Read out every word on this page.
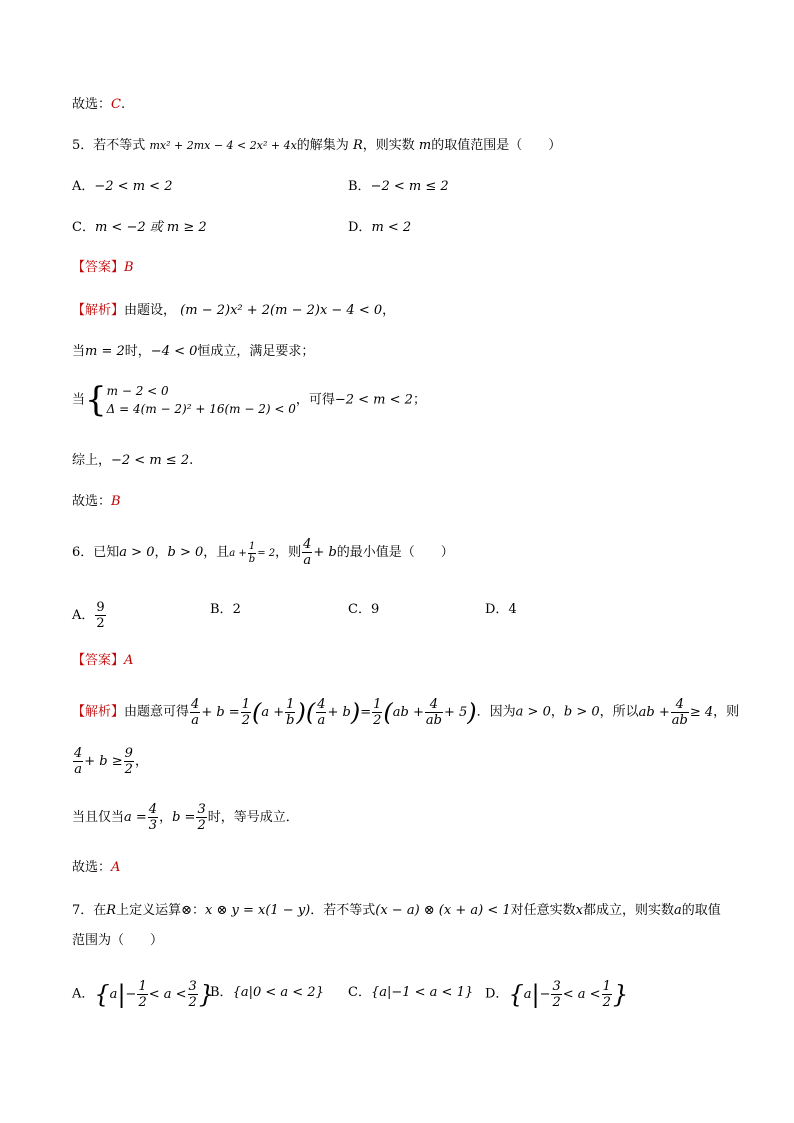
故选：C.
5．若不等式 mx² + 2mx − 4 < 2x² + 4x的解集为 R，则实数 m的取值范围是（　　）
A．−2 < m < 2	B．−2 < m ≤ 2
C．m < −2 或 m ≥ 2	D．m < 2
【答案】B
【解析】由题设， (m − 2)x² + 2(m − 2)x − 4 < 0，
当m = 2时，−4 < 0恒成立，满足要求；
当{ m − 2 < 0
Δ = 4(m − 2)² + 16(m − 2) < 0
，可得−2 < m < 2；
综上，−2 < m ≤ 2.
故选：B
6．已知a > 0，b > 0，且$a + \frac{1}{b} = 2$，则 $\frac{4}{a} + b$的最小值是（　　）
A． $\frac{9}{2}$	B．2	C．9	D．4
【答案】A
【解析】由题意可得 $\frac{4}{a} + b = \frac{1}{2} (a + \frac{1}{b}$ )( $\frac{4}{a} + b)= \frac{1}{2} (ab + \frac{4}{ab} + 5)$．因为a > 0，b > 0，所以ab + $\frac{4}{ab} \ge 4$，则
$\frac{4}{a} + b \ge \frac{9}{2}$ ，
当且仅当$a = \frac{4}{3}$ ，$b = \frac{3}{2}$ 时，等号成立．
故选：A
7．在R上定义运算⊗：x ⊗ y = x(1 − y)．若不等式(x − a) ⊗ (x + a) < 1对任意实数x都成立，则实数a的取值
范围为（　　）
A．{$a|- \frac{1}{2} < a < \frac{3}{2}$ }
B．{a|0 < a < 2} C．{a|−1 < a < 1} D．{$a|- \frac{3}{2} < a < \frac{1}{2}$ }
